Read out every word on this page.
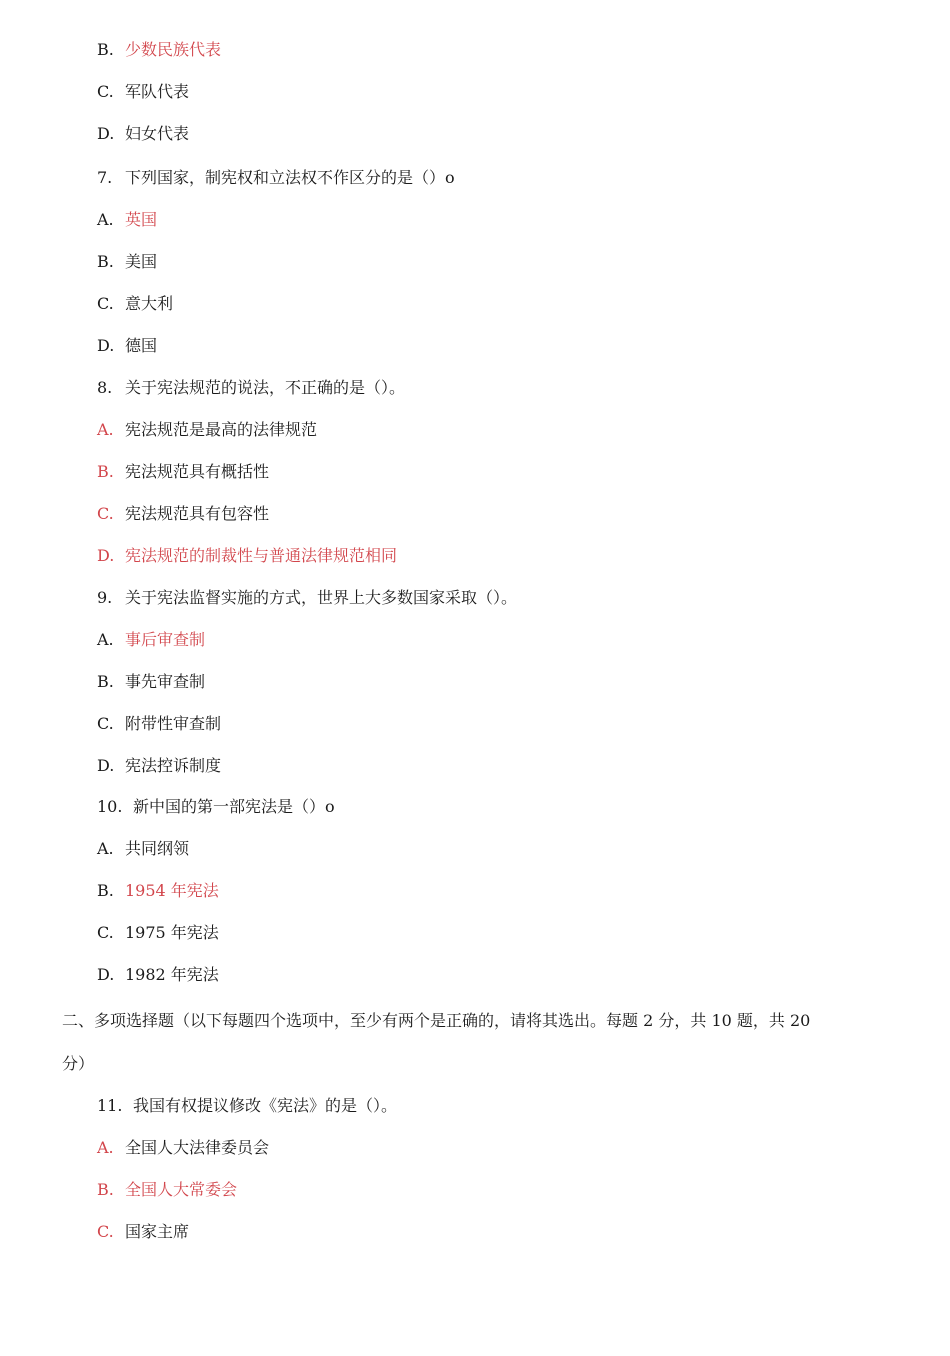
B. 少数民族代表
C. 军队代表
D. 妇女代表
7. 下列国家，制宪权和立法权不作区分的是（）o
A. 英国
B. 美国
C. 意大利
D. 德国
8. 关于宪法规范的说法，不正确的是（）。
A. 宪法规范是最高的法律规范
B. 宪法规范具有概括性
C. 宪法规范具有包容性
D. 宪法规范的制裁性与普通法律规范相同
9. 关于宪法监督实施的方式，世界上大多数国家采取（）。
A. 事后审查制
B. 事先审查制
C. 附带性审查制
D. 宪法控诉制度
10. 新中国的第一部宪法是（）o
A. 共同纲领
B. 1954 年宪法
C. 1975 年宪法
D. 1982 年宪法
二、多项选择题（以下每题四个选项中，至少有两个是正确的，请将其选出。每题 2 分，共 10 题，共 20
分）
11. 我国有权提议修改《宪法》的是（）。
A. 全国人大法律委员会
B. 全国人大常委会
C. 国家主席
